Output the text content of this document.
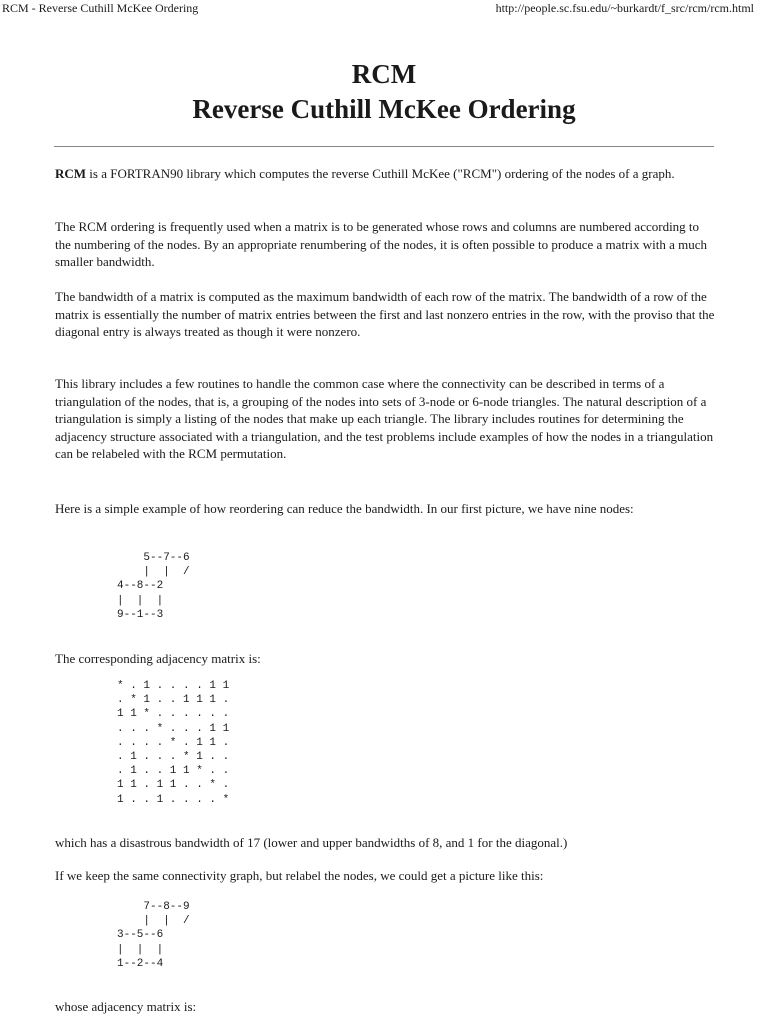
RCM - Reverse Cuthill McKee Ordering	http://people.sc.fsu.edu/~burkardt/f_src/rcm/rcm.html
RCM
Reverse Cuthill McKee Ordering

RCM is a FORTRAN90 library which computes the reverse Cuthill McKee ("RCM") ordering of the nodes of a graph.

The RCM ordering is frequently used when a matrix is to be generated whose rows and columns are numbered according to the numbering of the nodes. By an appropriate renumbering of the nodes, it is often possible to produce a matrix with a much smaller bandwidth.

The bandwidth of a matrix is computed as the maximum bandwidth of each row of the matrix. The bandwidth of a row of the matrix is essentially the number of matrix entries between the first and last nonzero entries in the row, with the proviso that the diagonal entry is always treated as though it were nonzero.

This library includes a few routines to handle the common case where the connectivity can be described in terms of a triangulation of the nodes, that is, a grouping of the nodes into sets of 3-node or 6-node triangles. The natural description of a triangulation is simply a listing of the nodes that make up each triangle. The library includes routines for determining the adjacency structure associated with a triangulation, and the test problems include examples of how the nodes in a triangulation can be relabeled with the RCM permutation.

Here is a simple example of how reordering can reduce the bandwidth. In our first picture, we have nine nodes:

5--7--6
|  |  /
4--8--2
|  |  |
9--1--3

The corresponding adjacency matrix is:

* . 1 . . . . 1 1
. * 1 . . 1 1 1 .
1 1 * . . . . . .
. . . * . . . 1 1
. . . . * . 1 1 .
. 1 . . . * 1 . .
. 1 . . 1 1 * . .
1 1 . 1 1 . . * .
1 . . 1 . . . . *

which has a disastrous bandwidth of 17 (lower and upper bandwidths of 8, and 1 for the diagonal.)

If we keep the same connectivity graph, but relabel the nodes, we could get a picture like this:

7--8--9
|  |  /
3--5--6
|  |  |
1--2--4

whose adjacency matrix is:
